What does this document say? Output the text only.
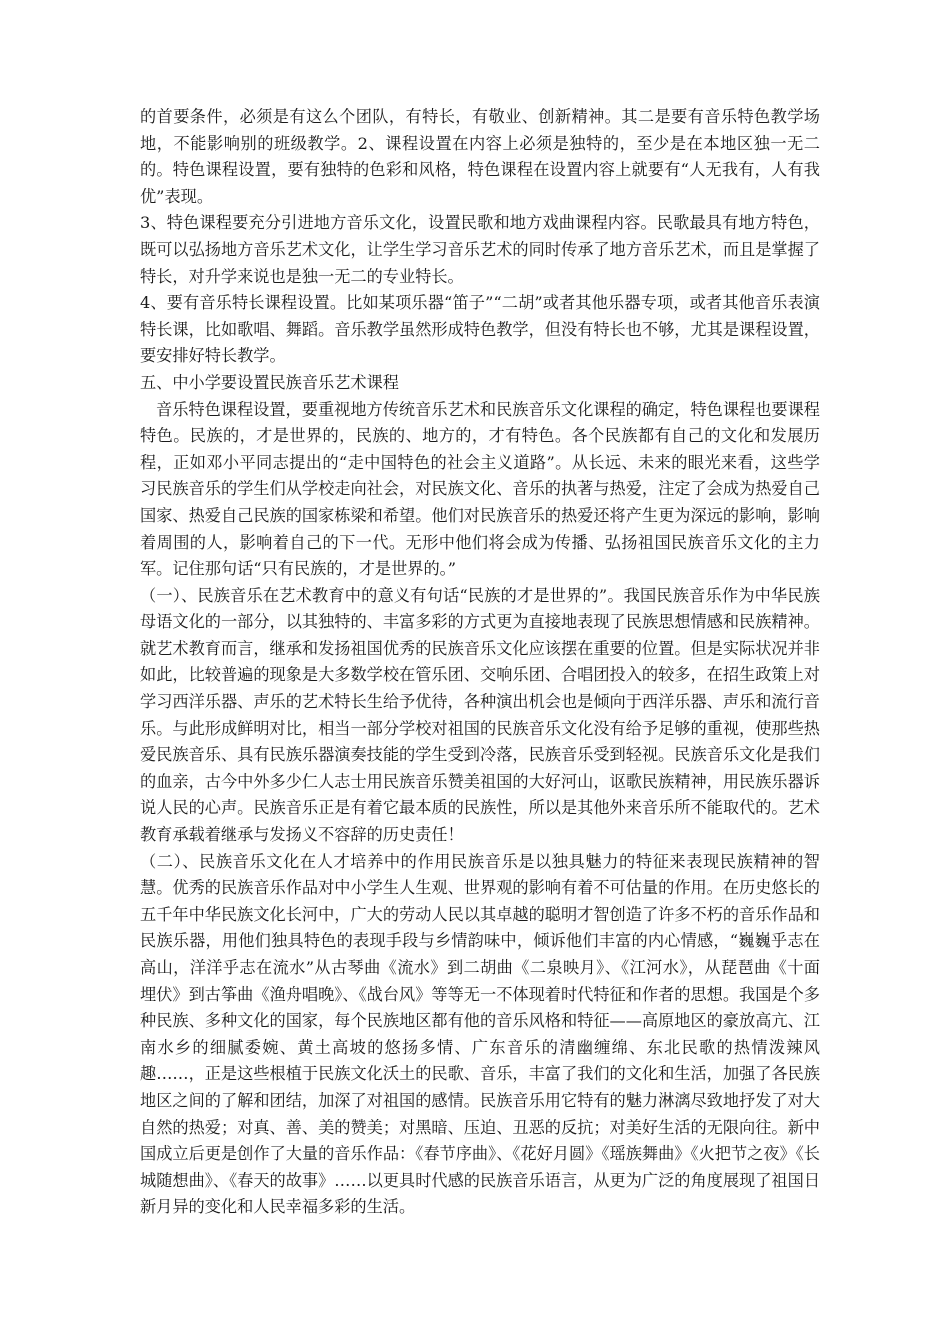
的首要条件，必须是有这么个团队，有特长，有敬业、创新精神。其二是要有音乐特色教学场地，不能影响别的班级教学。2、课程设置在内容上必须是独特的，至少是在本地区独一无二的。特色课程设置，要有独特的色彩和风格，特色课程在设置内容上就要有“人无我有，人有我优”表现。

3、特色课程要充分引进地方音乐文化，设置民歌和地方戏曲课程内容。民歌最具有地方特色，既可以弘扬地方音乐艺术文化，让学生学习音乐艺术的同时传承了地方音乐艺术，而且是掌握了特长，对升学来说也是独一无二的专业特长。

4、要有音乐特长课程设置。比如某项乐器“笛子”“二胡”或者其他乐器专项，或者其他音乐表演特长课，比如歌唱、舞蹈。音乐教学虽然形成特色教学，但没有特长也不够，尤其是课程设置，要安排好特长教学。

五、中小学要设置民族音乐艺术课程

音乐特色课程设置，要重视地方传统音乐艺术和民族音乐文化课程的确定，特色课程也要课程特色。民族的，才是世界的，民族的、地方的，才有特色。各个民族都有自己的文化和发展历程，正如邓小平同志提出的“走中国特色的社会主义道路”。从长远、未来的眼光来看，这些学习民族音乐的学生们从学校走向社会，对民族文化、音乐的执著与热爱，注定了会成为热爱自己国家、热爱自己民族的国家栋梁和希望。他们对民族音乐的热爱还将产生更为深远的影响，影响着周围的人，影响着自己的下一代。无形中他们将会成为传播、弘扬祖国民族音乐文化的主力军。记住那句话“只有民族的，才是世界的。”

（一）、民族音乐在艺术教育中的意义有句话“民族的才是世界的”。我国民族音乐作为中华民族母语文化的一部分，以其独特的、丰富多彩的方式更为直接地表现了民族思想情感和民族精神。就艺术教育而言，继承和发扬祖国优秀的民族音乐文化应该摆在重要的位置。但是实际状况并非如此，比较普遍的现象是大多数学校在管乐团、交响乐团、合唱团投入的较多，在招生政策上对学习西洋乐器、声乐的艺术特长生给予优待，各种演出机会也是倾向于西洋乐器、声乐和流行音乐。与此形成鲜明对比，相当一部分学校对祖国的民族音乐文化没有给予足够的重视，使那些热爱民族音乐、具有民族乐器演奏技能的学生受到冷落，民族音乐受到轻视。民族音乐文化是我们的血亲，古今中外多少仁人志士用民族音乐赞美祖国的大好河山，讴歌民族精神，用民族乐器诉说人民的心声。民族音乐正是有着它最本质的民族性，所以是其他外来音乐所不能取代的。艺术教育承载着继承与发扬义不容辞的历史责任！

（二）、民族音乐文化在人才培养中的作用民族音乐是以独具魅力的特征来表现民族精神的智慧。优秀的民族音乐作品对中小学生人生观、世界观的影响有着不可估量的作用。在历史悠长的五千年中华民族文化长河中，广大的劳动人民以其卓越的聪明才智创造了许多不朽的音乐作品和民族乐器，用他们独具特色的表现手段与乡情韵味中，倾诉他们丰富的内心情感，“巍巍乎志在高山，洋洋乎志在流水”从古琴曲《流水》到二胡曲《二泉映月》、《江河水》，从琵琶曲《十面埋伏》到古筝曲《渔舟唱晚》、《战台风》等等无一不体现着时代特征和作者的思想。我国是个多种民族、多种文化的国家，每个民族地区都有他的音乐风格和特征——高原地区的豪放高亢、江南水乡的细腻委婉、黄土高坡的悠扬多情、广东音乐的清幽缠绵、东北民歌的热情泼辣风趣……，正是这些根植于民族文化沃土的民歌、音乐，丰富了我们的文化和生活，加强了各民族地区之间的了解和团结，加深了对祖国的感情。民族音乐用它特有的魅力淋漓尽致地抒发了对大自然的热爱；对真、善、美的赞美；对黑暗、压迫、丑恶的反抗；对美好生活的无限向往。新中国成立后更是创作了大量的音乐作品：《春节序曲》、《花好月圆》《瑶族舞曲》《火把节之夜》《长城随想曲》、《春天的故事》……以更具时代感的民族音乐语言，从更为广泛的角度展现了祖国日新月异的变化和人民幸福多彩的生活。
